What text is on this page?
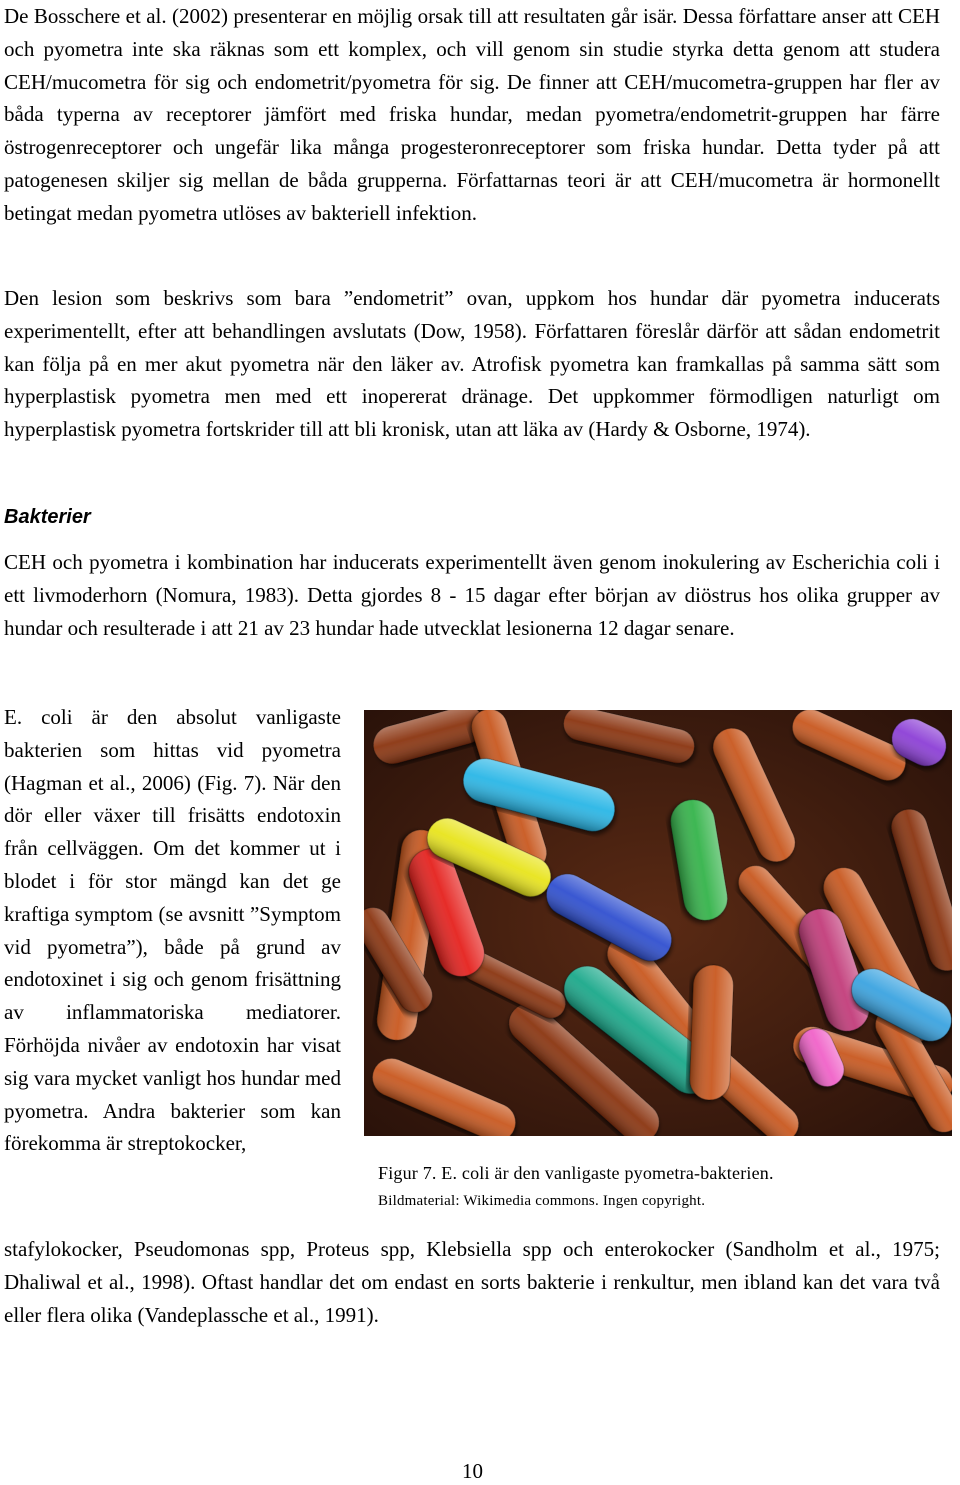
De Bosschere et al. (2002) presenterar en möjlig orsak till att resultaten går isär. Dessa författare anser att CEH och pyometra inte ska räknas som ett komplex, och vill genom sin studie styrka detta genom att studera CEH/mucometra för sig och endometrit/pyometra för sig. De finner att CEH/mucometra-gruppen har fler av båda typerna av receptorer jämfört med friska hundar, medan pyometra/endometrit-gruppen har färre östrogenreceptorer och ungefär lika många progesteronreceptorer som friska hundar. Detta tyder på att patogenesen skiljer sig mellan de båda grupperna. Författarnas teori är att CEH/mucometra är hormonellt betingat medan pyometra utlöses av bakteriell infektion.

Den lesion som beskrivs som bara ”endometrit” ovan, uppkom hos hundar där pyometra inducerats experimentellt, efter att behandlingen avslutats (Dow, 1958). Författaren föreslår därför att sådan endometrit kan följa på en mer akut pyometra när den läker av. Atrofisk pyometra kan framkallas på samma sätt som hyperplastisk pyometra men med ett inopererat dränage. Det uppkommer förmodligen naturligt om hyperplastisk pyometra fortskrider till att bli kronisk, utan att läka av (Hardy & Osborne, 1974).

Bakterier

CEH och pyometra i kombination har inducerats experimentellt även genom inokulering av Escherichia coli i ett livmoderhorn (Nomura, 1983). Detta gjordes 8 - 15 dagar efter början av diöstrus hos olika grupper av hundar och resulterade i att 21 av 23 hundar hade utvecklat lesionerna 12 dagar senare.

E. coli är den absolut vanligaste bakterien som hittas vid pyometra (Hagman et al., 2006) (Fig. 7). När den dör eller växer till frisätts endotoxin från cellväggen. Om det kommer ut i blodet i för stor mängd kan det ge kraftiga symptom (se avsnitt ”Symptom vid pyometra”), både på grund av endotoxinet i sig och genom frisättning av inflammatoriska mediatorer. Förhöjda nivåer av endotoxin har visat sig vara mycket vanligt hos hundar med pyometra. Andra bakterier som kan förekomma är streptokocker,

Figur 7. E. coli är den vanligaste pyometra-bakterien.

Bildmaterial: Wikimedia commons. Ingen copyright.

stafylokocker, Pseudomonas spp, Proteus spp, Klebsiella spp och enterokocker (Sandholm et al., 1975; Dhaliwal et al., 1998). Oftast handlar det om endast en sorts bakterie i renkultur, men ibland kan det vara två eller flera olika (Vandeplassche et al., 1991).

10
